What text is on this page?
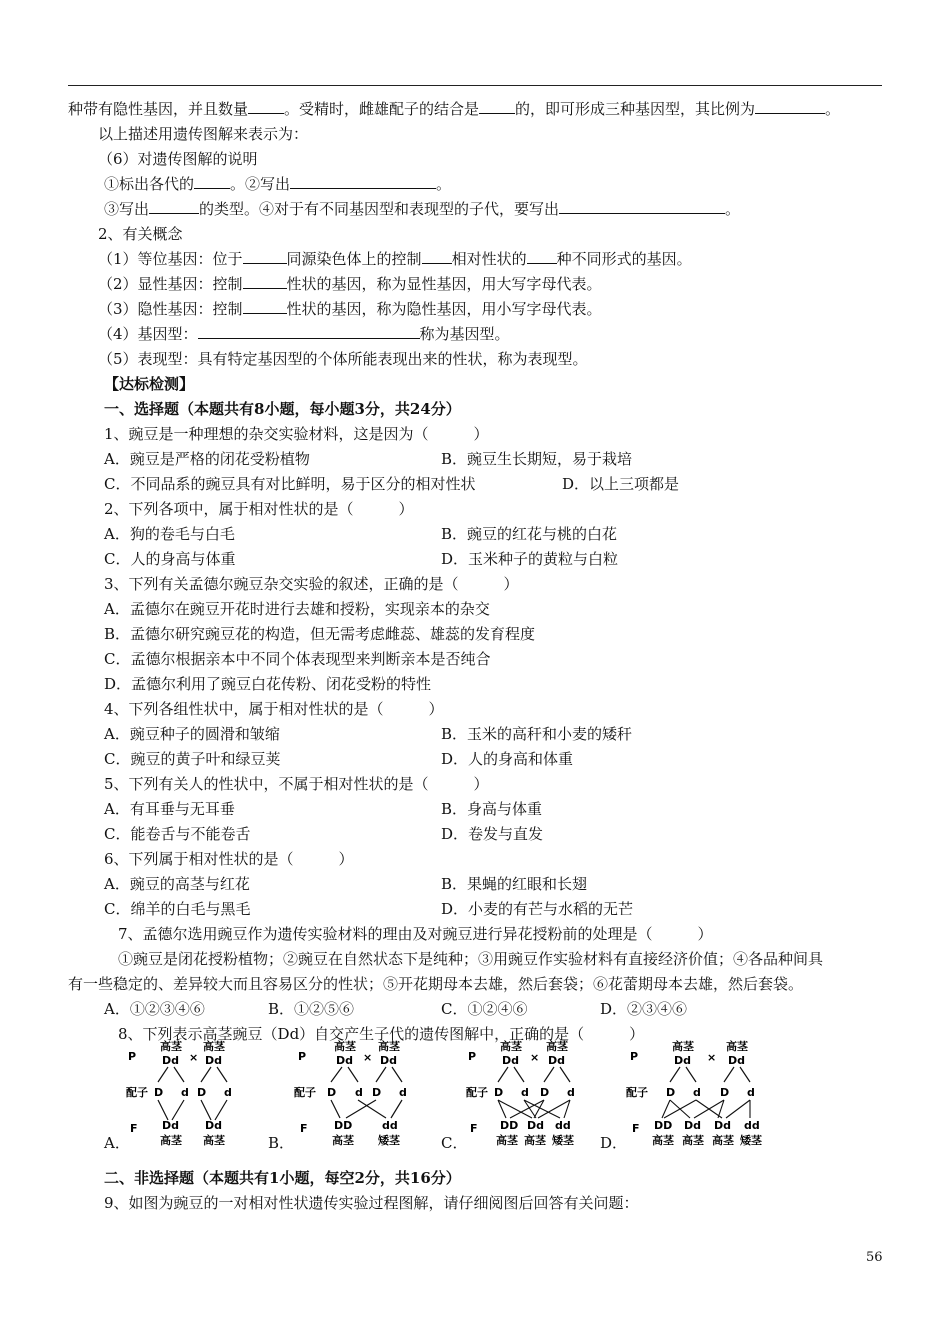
种带有隐性基因，并且数量 。受精时，雌雄配子的结合是 的，即可形成三种基因型，其比例为	。
以上描述用遗传图解来表示为：
（6）对遗传图解的说明
①标出各代的 。②写出	。
③写出	的类型。④对于有不同基因型和表现型的子代，要写出	。
2、有关概念
（1）等位基因：位于	同源染色体上的控制 相对性状的 种不同形式的基因。
（2）显性基因：控制	性状的基因，称为显性基因，用大写字母代表。
（3）隐性基因：控制	性状的基因，称为隐性基因，用小写字母代表。
（4）基因型：	称为基因型。
（5）表现型：具有特定基因型的个体所能表现出来的性状，称为表现型。
【达标检测】
一、选择题（本题共有8小题，每小题3分，共24分）
1、豌豆是一种理想的杂交实验材料，这是因为（　　　）
A．豌豆是严格的闭花受粉植物	B．豌豆生长期短，易于栽培
C．不同品系的豌豆具有对比鲜明，易于区分的相对性状	D．以上三项都是
2、下列各项中，属于相对性状的是（　　　）
A．狗的卷毛与白毛	B．豌豆的红花与桃的白花
C．人的身高与体重	D．玉米种子的黄粒与白粒
3、下列有关孟德尔豌豆杂交实验的叙述，正确的是（　　　）
A．孟德尔在豌豆开花时进行去雄和授粉，实现亲本的杂交
B．孟德尔研究豌豆花的构造，但无需考虑雌蕊、雄蕊的发育程度
C．孟德尔根据亲本中不同个体表现型来判断亲本是否纯合
D．孟德尔利用了豌豆白花传粉、闭花受粉的特性
4、下列各组性状中，属于相对性状的是（　　　）
A．豌豆种子的圆滑和皱缩	B．玉米的高秆和小麦的矮秆
C．豌豆的黄子叶和绿豆荚	D．人的身高和体重
5、下列有关人的性状中，不属于相对性状的是（　　　）
A．有耳垂与无耳垂	B．身高与体重
C．能卷舌与不能卷舌	D．卷发与直发
6、下列属于相对性状的是（　　　）
A．豌豆的高茎与红花	B．果蝇的红眼和长翅
C．绵羊的白毛与黑毛	D．小麦的有芒与水稻的无芒
7、孟德尔选用豌豆作为遗传实验材料的理由及对豌豆进行异花授粉前的处理是（　　　）
①豌豆是闭花授粉植物；②豌豆在自然状态下是纯种；③用豌豆作实验材料有直接经济价值；④各品种间具
有一些稳定的、差异较大而且容易区分的性状；⑤开花期母本去雄，然后套袋；⑥花蕾期母本去雄，然后套袋。
A．①②③④⑥	B．①②⑤⑥	C．①②④⑥	D．②③④⑥
8、下列表示高茎豌豆（Dd）自交产生子代的遗传图解中，正确的是（　　　）
A．	B．	C．	D．
P
高茎 高茎
Dd × Dd
配子 D d D d
F Dd Dd
高茎 高茎
P
高茎 高茎
Dd × Dd
配子 D d D d
F DD	dd
高茎 矮茎
P
高茎 高茎
Dd × Dd
配子 D d D d
F DD Dd dd
高茎 高茎 矮茎
P
高茎	高茎
Dd × Dd
配子 D d D d
F DD Dd Dd dd
高茎 高茎 高茎 矮茎
二、非选择题（本题共有1小题，每空2分，共16分）
9、如图为豌豆的一对相对性状遗传实验过程图解，请仔细阅图后回答有关问题：
56
